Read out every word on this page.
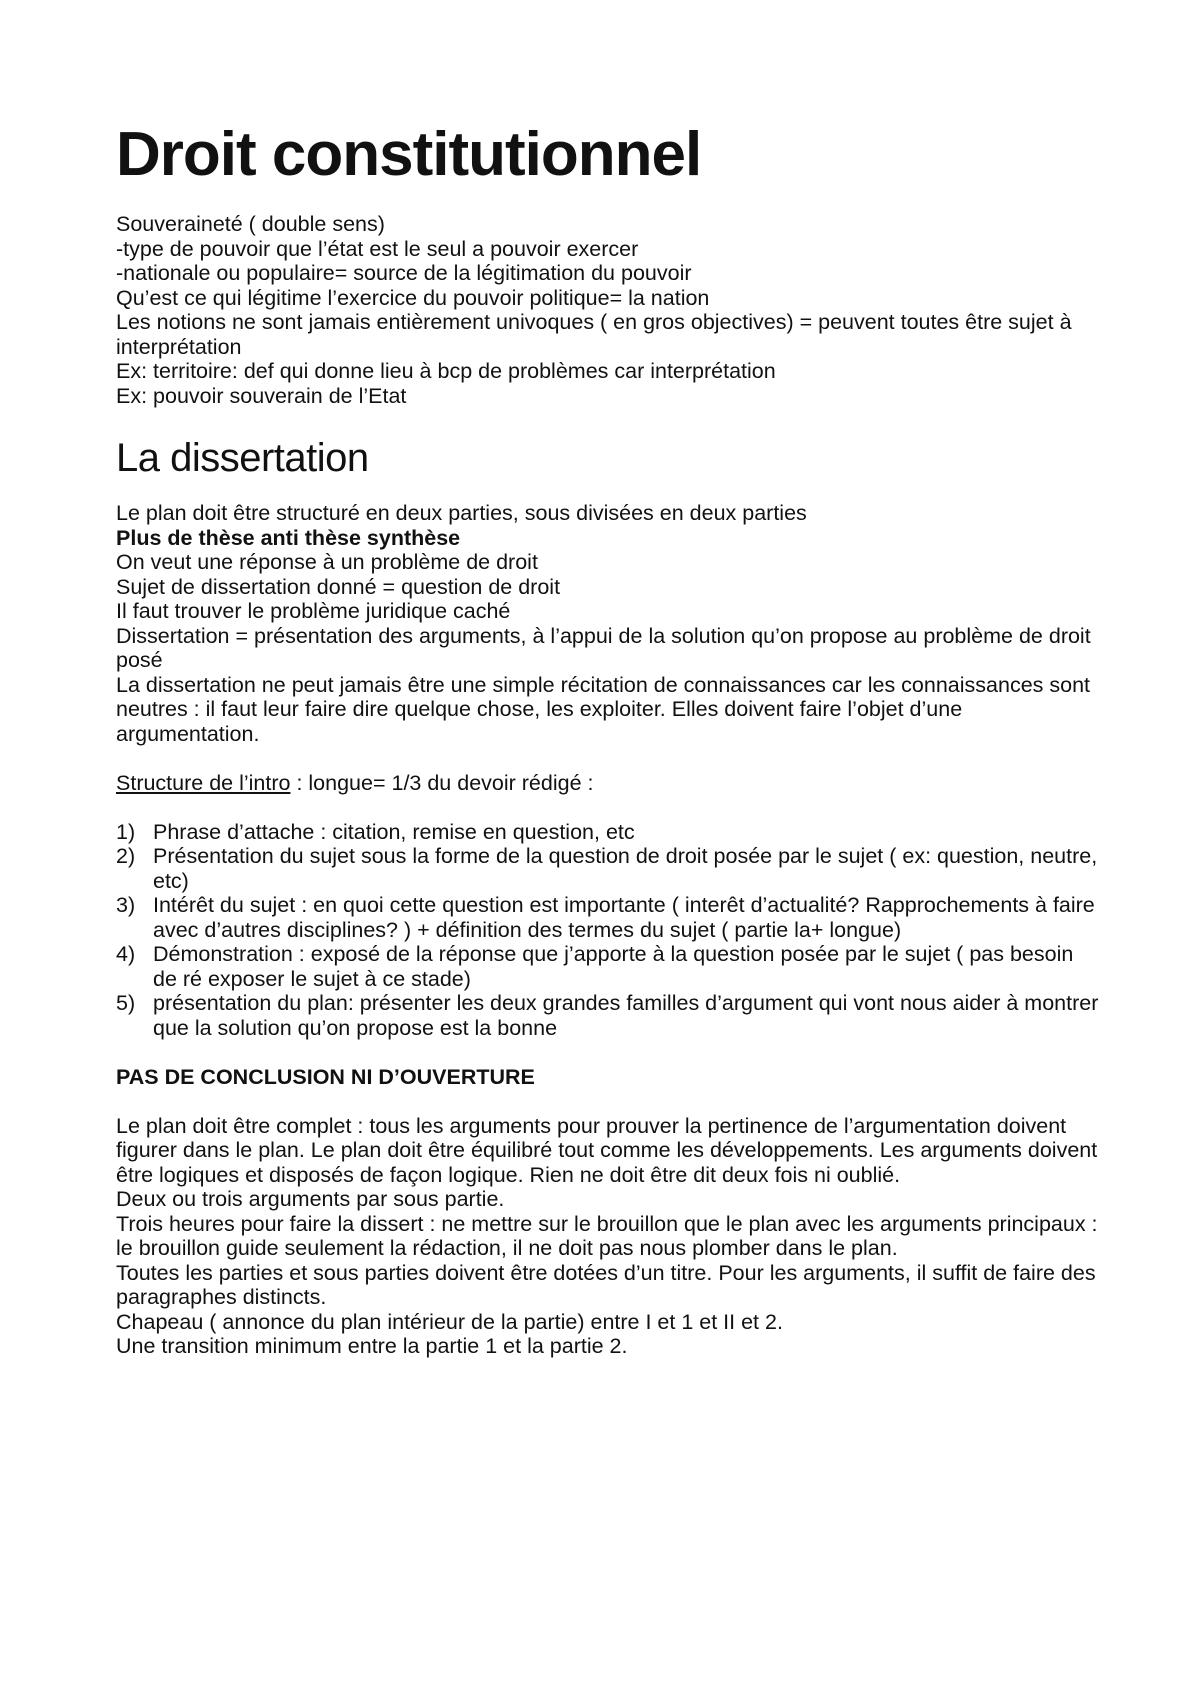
Droit constitutionnel

Souveraineté ( double sens)

-type de pouvoir que l’état est le seul a pouvoir exercer

-nationale ou populaire= source de la légitimation du pouvoir

Qu’est ce qui légitime l’exercice du pouvoir politique= la nation

Les notions ne sont jamais entièrement univoques ( en gros objectives) = peuvent toutes être sujet à interprétation

Ex: territoire: def qui donne lieu à bcp de problèmes car interprétation

Ex: pouvoir souverain de l’Etat

La dissertation

Le plan doit être structuré en deux parties, sous divisées en deux parties

Plus de thèse anti thèse synthèse

On veut une réponse à un problème de droit

Sujet de dissertation donné = question de droit

Il faut trouver le problème juridique caché

Dissertation = présentation des arguments, à l’appui de la solution qu’on propose au problème de droit posé

La dissertation ne peut jamais être une simple récitation de connaissances car les connaissances sont neutres : il faut leur faire dire quelque chose, les exploiter. Elles doivent faire l’objet d’une argumentation.

Structure de l’intro : longue= 1/3 du devoir rédigé :

1) Phrase d’attache : citation, remise en question, etc
2) Présentation du sujet sous la forme de la question de droit posée par le sujet ( ex: question, neutre, etc)
3) Intérêt du sujet : en quoi cette question est importante ( interêt d’actualité? Rapprochements à faire avec d’autres disciplines? ) + définition des termes du sujet ( partie la+ longue)
4) Démonstration : exposé de la réponse que j’apporte à la question posée par le sujet ( pas besoin de ré exposer le sujet à ce stade)
5) présentation du plan: présenter les deux grandes familles d’argument qui vont nous aider à montrer que la solution qu’on propose est la bonne

PAS DE CONCLUSION NI D’OUVERTURE

Le plan doit être complet : tous les arguments pour prouver la pertinence de l’argumentation doivent figurer dans le plan. Le plan doit être équilibré tout comme les développements. Les arguments doivent être logiques et disposés de façon logique. Rien ne doit être dit deux fois ni oublié.

Deux ou trois arguments par sous partie.

Trois heures pour faire la dissert : ne mettre sur le brouillon que le plan avec les arguments principaux : le brouillon guide seulement la rédaction, il ne doit pas nous plomber dans le plan.

Toutes les parties et sous parties doivent être dotées d’un titre. Pour les arguments, il suffit de faire des paragraphes distincts.

Chapeau ( annonce du plan intérieur de la partie) entre I et 1 et II et 2.

Une transition minimum entre la partie 1 et la partie 2.
